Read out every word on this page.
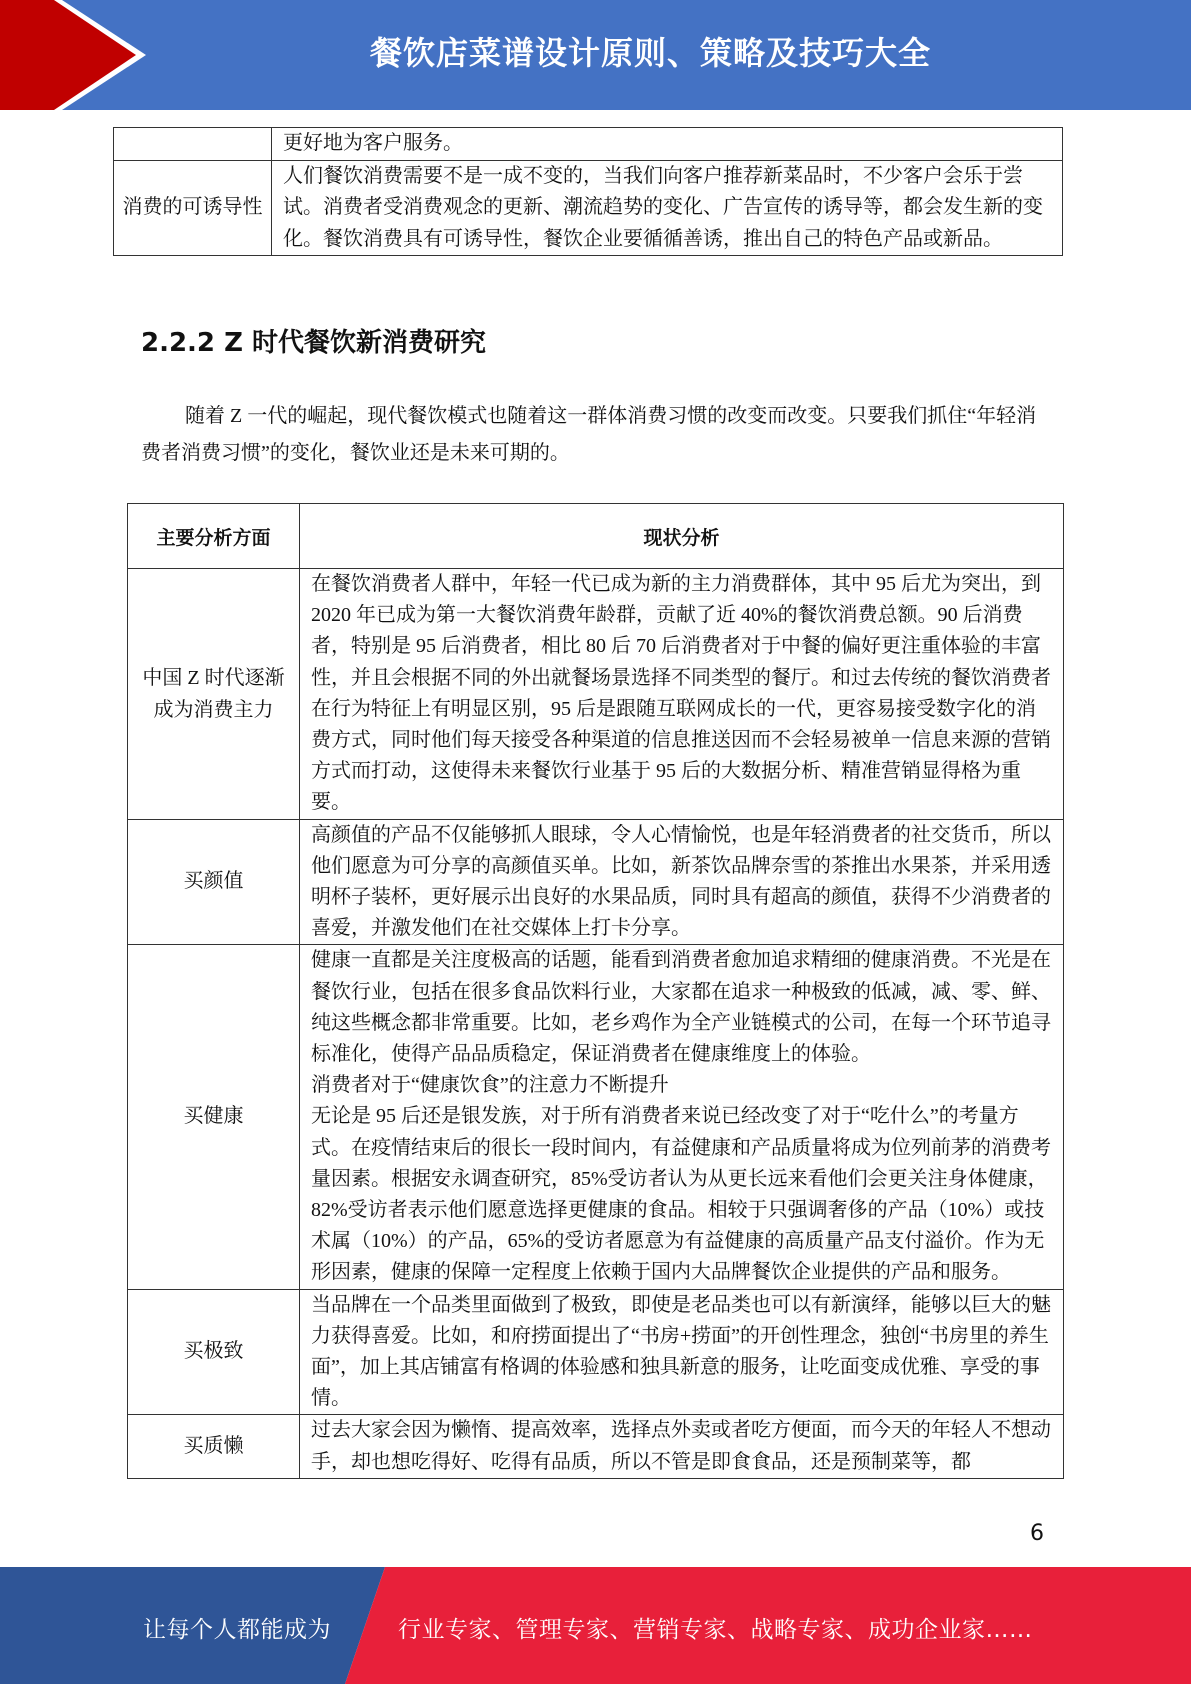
餐饮店菜谱设计原则、策略及技巧大全
	更好地为客户服务。
消费的可诱导性	人们餐饮消费需要不是一成不变的，当我们向客户推荐新菜品时，不少客户会乐于尝试。消费者受消费观念的更新、潮流趋势的变化、广告宣传的诱导等，都会发生新的变化。餐饮消费具有可诱导性，餐饮企业要循循善诱，推出自己的特色产品或新品。
2.2.2 Z 时代餐饮新消费研究

随着 Z 一代的崛起，现代餐饮模式也随着这一群体消费习惯的改变而改变。只要我们抓住“年轻消费者消费习惯”的变化，餐饮业还是未来可期的。

主要分析方面	现状分析

中国 Z 时代逐渐成为消费主力	在餐饮消费者人群中，年轻一代已成为新的主力消费群体，其中 95 后尤为突出，到 2020 年已成为第一大餐饮消费年龄群，贡献了近 40%的餐饮消费总额。90 后消费者，特别是 95 后消费者，相比 80 后 70 后消费者对于中餐的偏好更注重体验的丰富性，并且会根据不同的外出就餐场景选择不同类型的餐厅。和过去传统的餐饮消费者在行为特征上有明显区别，95 后是跟随互联网成长的一代，更容易接受数字化的消费方式，同时他们每天接受各种渠道的信息推送因而不会轻易被单一信息来源的营销方式而打动，这使得未来餐饮行业基于 95 后的大数据分析、精准营销显得格为重要。
买颜值	高颜值的产品不仅能够抓人眼球，令人心情愉悦，也是年轻消费者的社交货币，所以他们愿意为可分享的高颜值买单。比如，新茶饮品牌奈雪的茶推出水果茶，并采用透明杯子装杯，更好展示出良好的水果品质，同时具有超高的颜值，获得不少消费者的喜爱，并激发他们在社交媒体上打卡分享。
买健康	健康一直都是关注度极高的话题，能看到消费者愈加追求精细的健康消费。不光是在餐饮行业，包括在很多食品饮料行业，大家都在追求一种极致的低减，减、零、鲜、纯这些概念都非常重要。比如，老乡鸡作为全产业链模式的公司，在每一个环节追寻标准化，使得产品品质稳定，保证消费者在健康维度上的体验。
消费者对于“健康饮食”的注意力不断提升
无论是 95 后还是银发族，对于所有消费者来说已经改变了对于“吃什么”的考量方式。在疫情结束后的很长一段时间内，有益健康和产品质量将成为位列前茅的消费考量因素。根据安永调查研究，85%受访者认为从更长远来看他们会更关注身体健康，82%受访者表示他们愿意选择更健康的食品。相较于只强调奢侈的产品（10%）或技术属（10%）的产品，65%的受访者愿意为有益健康的高质量产品支付溢价。作为无形因素，健康的保障一定程度上依赖于国内大品牌餐饮企业提供的产品和服务。

买极致	当品牌在一个品类里面做到了极致，即使是老品类也可以有新演绎，能够以巨大的魅力获得喜爱。比如，和府捞面提出了“书房+捞面”的开创性理念，独创“书房里的养生面”，加上其店铺富有格调的体验感和独具新意的服务，让吃面变成优雅、享受的事情。
买质懒	过去大家会因为懒惰、提高效率，选择点外卖或者吃方便面，而今天的年轻人不想动手，却也想吃得好、吃得有品质，所以不管是即食食品，还是预制菜等，都
6
让每个人都能成为	行业专家、管理专家、营销专家、战略专家、成功企业家……
